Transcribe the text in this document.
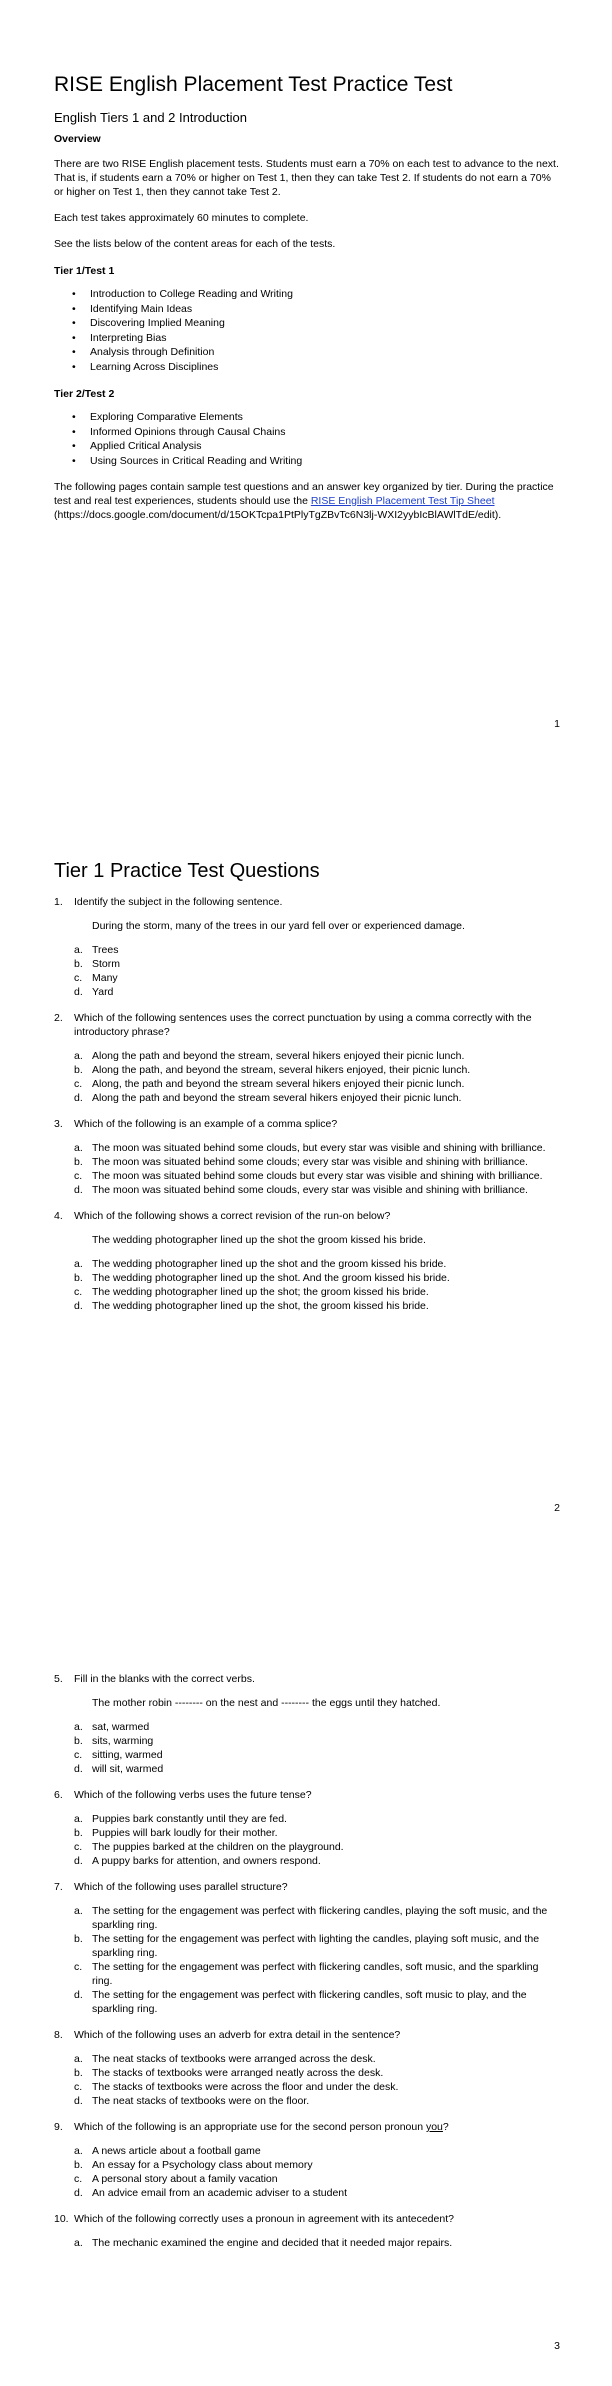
RISE English Placement Test Practice Test
English Tiers 1 and 2 Introduction
Overview

There are two RISE English placement tests. Students must earn a 70% on each test to advance to the next. That is, if students earn a 70% or higher on Test 1, then they can take Test 2. If students do not earn a 70% or higher on Test 1, then they cannot take Test 2.

Each test takes approximately 60 minutes to complete.

See the lists below of the content areas for each of the tests.

Tier 1/Test 1
• Introduction to College Reading and Writing
• Identifying Main Ideas
• Discovering Implied Meaning
• Interpreting Bias
• Analysis through Definition
• Learning Across Disciplines
Tier 2/Test 2
• Exploring Comparative Elements
• Informed Opinions through Causal Chains
• Applied Critical Analysis
• Using Sources in Critical Reading and Writing

The following pages contain sample test questions and an answer key organized by tier. During the practice test and real test experiences, students should use the RISE English Placement Test Tip Sheet (https://docs.google.com/document/d/15OKTcpa1PtPlyTgZBvTc6N3lj-WXI2yybIcBlAWlTdE/edit).

1
Tier 1 Practice Test Questions
1. Identify the subject in the following sentence.
During the storm, many of the trees in our yard fell over or experienced damage.
a. Trees
b. Storm
c. Many
d. Yard
2. Which of the following sentences uses the correct punctuation by using a comma correctly with the introductory phrase?
a. Along the path and beyond the stream, several hikers enjoyed their picnic lunch.
b. Along the path, and beyond the stream, several hikers enjoyed, their picnic lunch.
c. Along, the path and beyond the stream several hikers enjoyed their picnic lunch.
d. Along the path and beyond the stream several hikers enjoyed their picnic lunch.
3. Which of the following is an example of a comma splice?
a. The moon was situated behind some clouds, but every star was visible and shining with brilliance.
b. The moon was situated behind some clouds; every star was visible and shining with brilliance.
c. The moon was situated behind some clouds but every star was visible and shining with brilliance.
d. The moon was situated behind some clouds, every star was visible and shining with brilliance.
4. Which of the following shows a correct revision of the run-on below?
The wedding photographer lined up the shot the groom kissed his bride.
a. The wedding photographer lined up the shot and the groom kissed his bride.
b. The wedding photographer lined up the shot. And the groom kissed his bride.
c. The wedding photographer lined up the shot; the groom kissed his bride.
d. The wedding photographer lined up the shot, the groom kissed his bride.
2
5. Fill in the blanks with the correct verbs.
The mother robin -------- on the nest and -------- the eggs until they hatched.
a. sat, warmed
b. sits, warming
c. sitting, warmed
d. will sit, warmed
6. Which of the following verbs uses the future tense?
a. Puppies bark constantly until they are fed.
b. Puppies will bark loudly for their mother.
c. The puppies barked at the children on the playground.
d. A puppy barks for attention, and owners respond.
7. Which of the following uses parallel structure?
a. The setting for the engagement was perfect with flickering candles, playing the soft music, and the sparkling ring.
b. The setting for the engagement was perfect with lighting the candles, playing soft music, and the sparkling ring.
c. The setting for the engagement was perfect with flickering candles, soft music, and the sparkling ring.
d. The setting for the engagement was perfect with flickering candles, soft music to play, and the sparkling ring.
8. Which of the following uses an adverb for extra detail in the sentence?
a. The neat stacks of textbooks were arranged across the desk.
b. The stacks of textbooks were arranged neatly across the desk.
c. The stacks of textbooks were across the floor and under the desk.
d. The neat stacks of textbooks were on the floor.
9. Which of the following is an appropriate use for the second person pronoun you?
a. A news article about a football game
b. An essay for a Psychology class about memory
c. A personal story about a family vacation
d. An advice email from an academic adviser to a student
10. Which of the following correctly uses a pronoun in agreement with its antecedent?
a. The mechanic examined the engine and decided that it needed major repairs.
3
